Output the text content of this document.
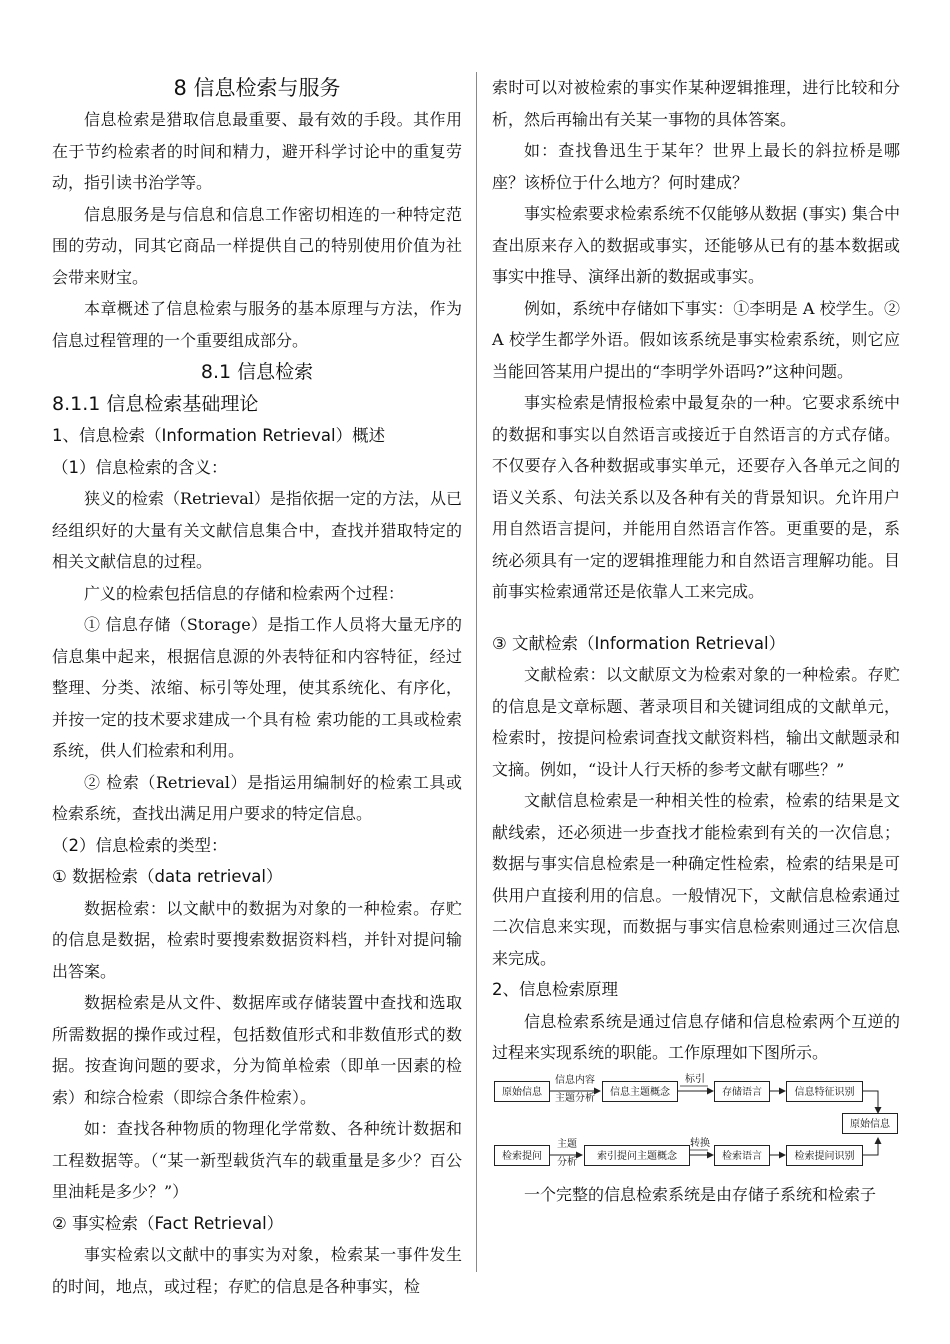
8 信息检索与服务

信息检索是猎取信息最重要、最有效的手段。其作用在于节约检索者的时间和精力，避开科学讨论中的重复劳动，指引读书治学等。

信息服务是与信息和信息工作密切相连的一种特定范围的劳动，同其它商品一样提供自己的特别使用价值为社会带来财宝。

本章概述了信息检索与服务的基本原理与方法，作为信息过程管理的一个重要组成部分。

8.1 信息检索
8.1.1 信息检索基础理论
1、信息检索（Information Retrieval）概述
（1）信息检索的含义：

狭义的检索（Retrieval）是指依据一定的方法，从已经组织好的大量有关文献信息集合中，查找并猎取特定的相关文献信息的过程。

广义的检索包括信息的存储和检索两个过程：

① 信息存储（Storage）是指工作人员将大量无序的信息集中起来，根据信息源的外表特征和内容特征，经过整理、分类、浓缩、标引等处理，使其系统化、有序化，并按一定的技术要求建成一个具有检 索功能的工具或检索系统，供人们检索和利用。

② 检索（Retrieval）是指运用编制好的检索工具或检索系统，查找出满足用户要求的特定信息。

（2）信息检索的类型：
① 数据检索（data retrieval）

数据检索：以文献中的数据为对象的一种检索。存贮的信息是数据，检索时要搜索数据资料档，并针对提问输出答案。

数据检索是从文件、数据库或存储装置中查找和选取所需数据的操作或过程，包括数值形式和非数值形式的数据。按查询问题的要求，分为简单检索（即单一因素的检索）和综合检索（即综合条件检索）。

如：查找各种物质的物理化学常数、各种统计数据和工程数据等。（“某一新型载货汽车的载重量是多少？百公里油耗是多少？”）

② 事实检索（Fact Retrieval）

事实检索以文献中的事实为对象，检索某一事件发生的时间，地点，或过程；存贮的信息是各种事实，检

索时可以对被检索的事实作某种逻辑推理，进行比较和分析，然后再输出有关某一事物的具体答案。

如：查找鲁迅生于某年？世界上最长的斜拉桥是哪座？该桥位于什么地方？何时建成？

事实检索要求检索系统不仅能够从数据 (事实) 集合中查出原来存入的数据或事实，还能够从已有的基本数据或事实中推导、演绎出新的数据或事实。

例如，系统中存储如下事实：①李明是 A 校学生。② A 校学生都学外语。假如该系统是事实检索系统，则它应当能回答某用户提出的“李明学外语吗?”这种问题。

事实检索是情报检索中最复杂的一种。它要求系统中的数据和事实以自然语言或接近于自然语言的方式存储。不仅要存入各种数据或事实单元，还要存入各单元之间的语义关系、句法关系以及各种有关的背景知识。允许用户用自然语言提问，并能用自然语言作答。更重要的是，系统必须具有一定的逻辑推理能力和自然语言理解功能。目前事实检索通常还是依靠人工来完成。

③ 文献检索（Information Retrieval）

文献检索：以文献原文为检索对象的一种检索。存贮的信息是文章标题、著录项目和关键词组成的文献单元，检索时，按提问检索词查找文献资料档，输出文献题录和文摘。例如，“设计人行天桥的参考文献有哪些？”

文献信息检索是一种相关性的检索，检索的结果是文献线索，还必须进一步查找才能检索到有关的一次信息；数据与事实信息检索是一种确定性检索，检索的结果是可供用户直接利用的信息。一般情况下，文献信息检索通过二次信息来实现，而数据与事实信息检索则通过三次信息来完成。

2、信息检索原理

信息检索系统是通过信息存储和信息检索两个互逆的过程来实现系统的职能。工作原理如下图所示。

原始信息
信息内容
主题分析
信息主题概念
标引
存储语言	信息特征识别
原始信息
检索提问
主题
分析
索引提问主题概念
转换
检索语言	检索提问识别

一个完整的信息检索系统是由存储子系统和检索子
